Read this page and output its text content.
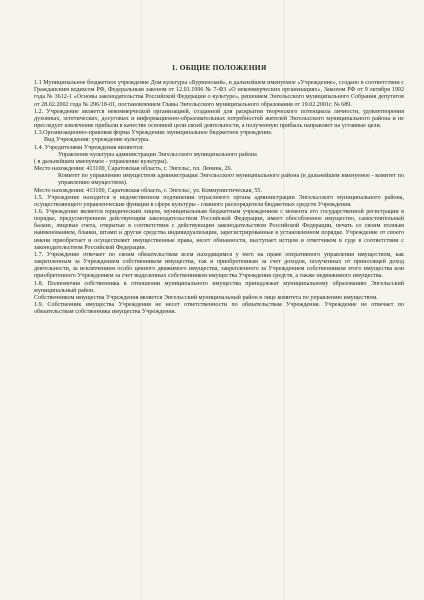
1. ОБЩИЕ ПОЛОЖЕНИЯ

1.1 Муниципальное бюджетное учреждение Дом культуры «Бурненский», в дальнейшем именуемое «Учреждение», создано в соответствии с Гражданским кодексом РФ, Федеральным законом от 12.01.1996 № 7-ФЗ «О некоммерческих организациях», Законом РФ от 9 октября 1992 года № 3612-1 «Основы законодательства Российской Федерации о культуре», решением Энгельсского муниципального Собрания депутатов от 28.02.2002 года № 296/18-01, постановлением Главы Энгельсского муниципального образования от 19.02.2001г. № 689.

1.2. Учреждение является некоммерческой организацией, созданной для раскрытия творческого потенциала личности, удовлетворения духовных, эстетических, досуговых и информационно-образовательных потребностей жителей Энгельсского муниципального района и не преследует извлечение прибыли в качестве основной цели своей деятельности, а полученную прибыль направляет на уставные цели.

1.3.Организационно-правовая форма Учреждения: муниципальное бюджетное учреждение.

Вид Учреждения: учреждение культуры.

1.4. Учредителями Учреждения являются:

Управление культуры администрации Энгельсского муниципального района

( в дальнейшем именуемое - управление культуры).

Место нахождения: 413100, Саратовская область, г. Энгельс, пл. Ленина, 26.

Комитет по управлению имуществом администрации Энгельсского муниципального района (в дальнейшем именуемое - комитет по управлению имуществом).

Место нахождения: 413100, Саратовская область, г. Энгельс, ул. Коммунистическая, 55.

1.5. Учреждение находится в ведомственном подчинении отраслевого органа администрации Энгельсского муниципального района, осуществляющего управленческие функции в сфере культуры - главного распорядителя бюджетных средств Учреждения.

1.6. Учреждение является юридическим лицом, муниципальным бюджетным учреждением с момента его государственной регистрации в порядке, предусмотренном действующим законодательством Российской Федерации, имеет обособленное имущество, самостоятельный баланс, лицевые счета, открытые в соответствии с действующим законодательством Российской Федерации, печать со своим полным наименованием, бланки, штамп и другие средства индивидуализации, зарегистрированные в установленном порядке. Учреждение от своего имени приобретает и осуществляет имущественные права, несет обязанности, выступает истцом и ответчиком в суде в соответствии с законодательством Российской Федерации.

1.7. Учреждение отвечает по своим обязательствам всем находящимся у него на праве оперативного управления имуществом, как закрепленным за Учреждением собственником имущества, так и приобретенным за счет доходов, полученных от приносящей доход деятельности, за исключением особо ценного движимого имущества, закрепленного за Учреждением собственником этого имущества или приобретенного Учреждением за счет выделенных собственником имущества Учреждения средств, а также недвижимого имущества.

1.8. Полномочия собственника в отношении муниципального имущества принадлежат муниципальному образованию Энгельсский муниципальный район.

Собственником имущества Учреждения является Энгельсский муниципальный район в лице комитета по управлению имуществом.

1.9. Собственник имущества Учреждения не несет ответственности по обязательствам Учреждения. Учреждение не отвечает по обязательствам собственника имущества Учреждения.
